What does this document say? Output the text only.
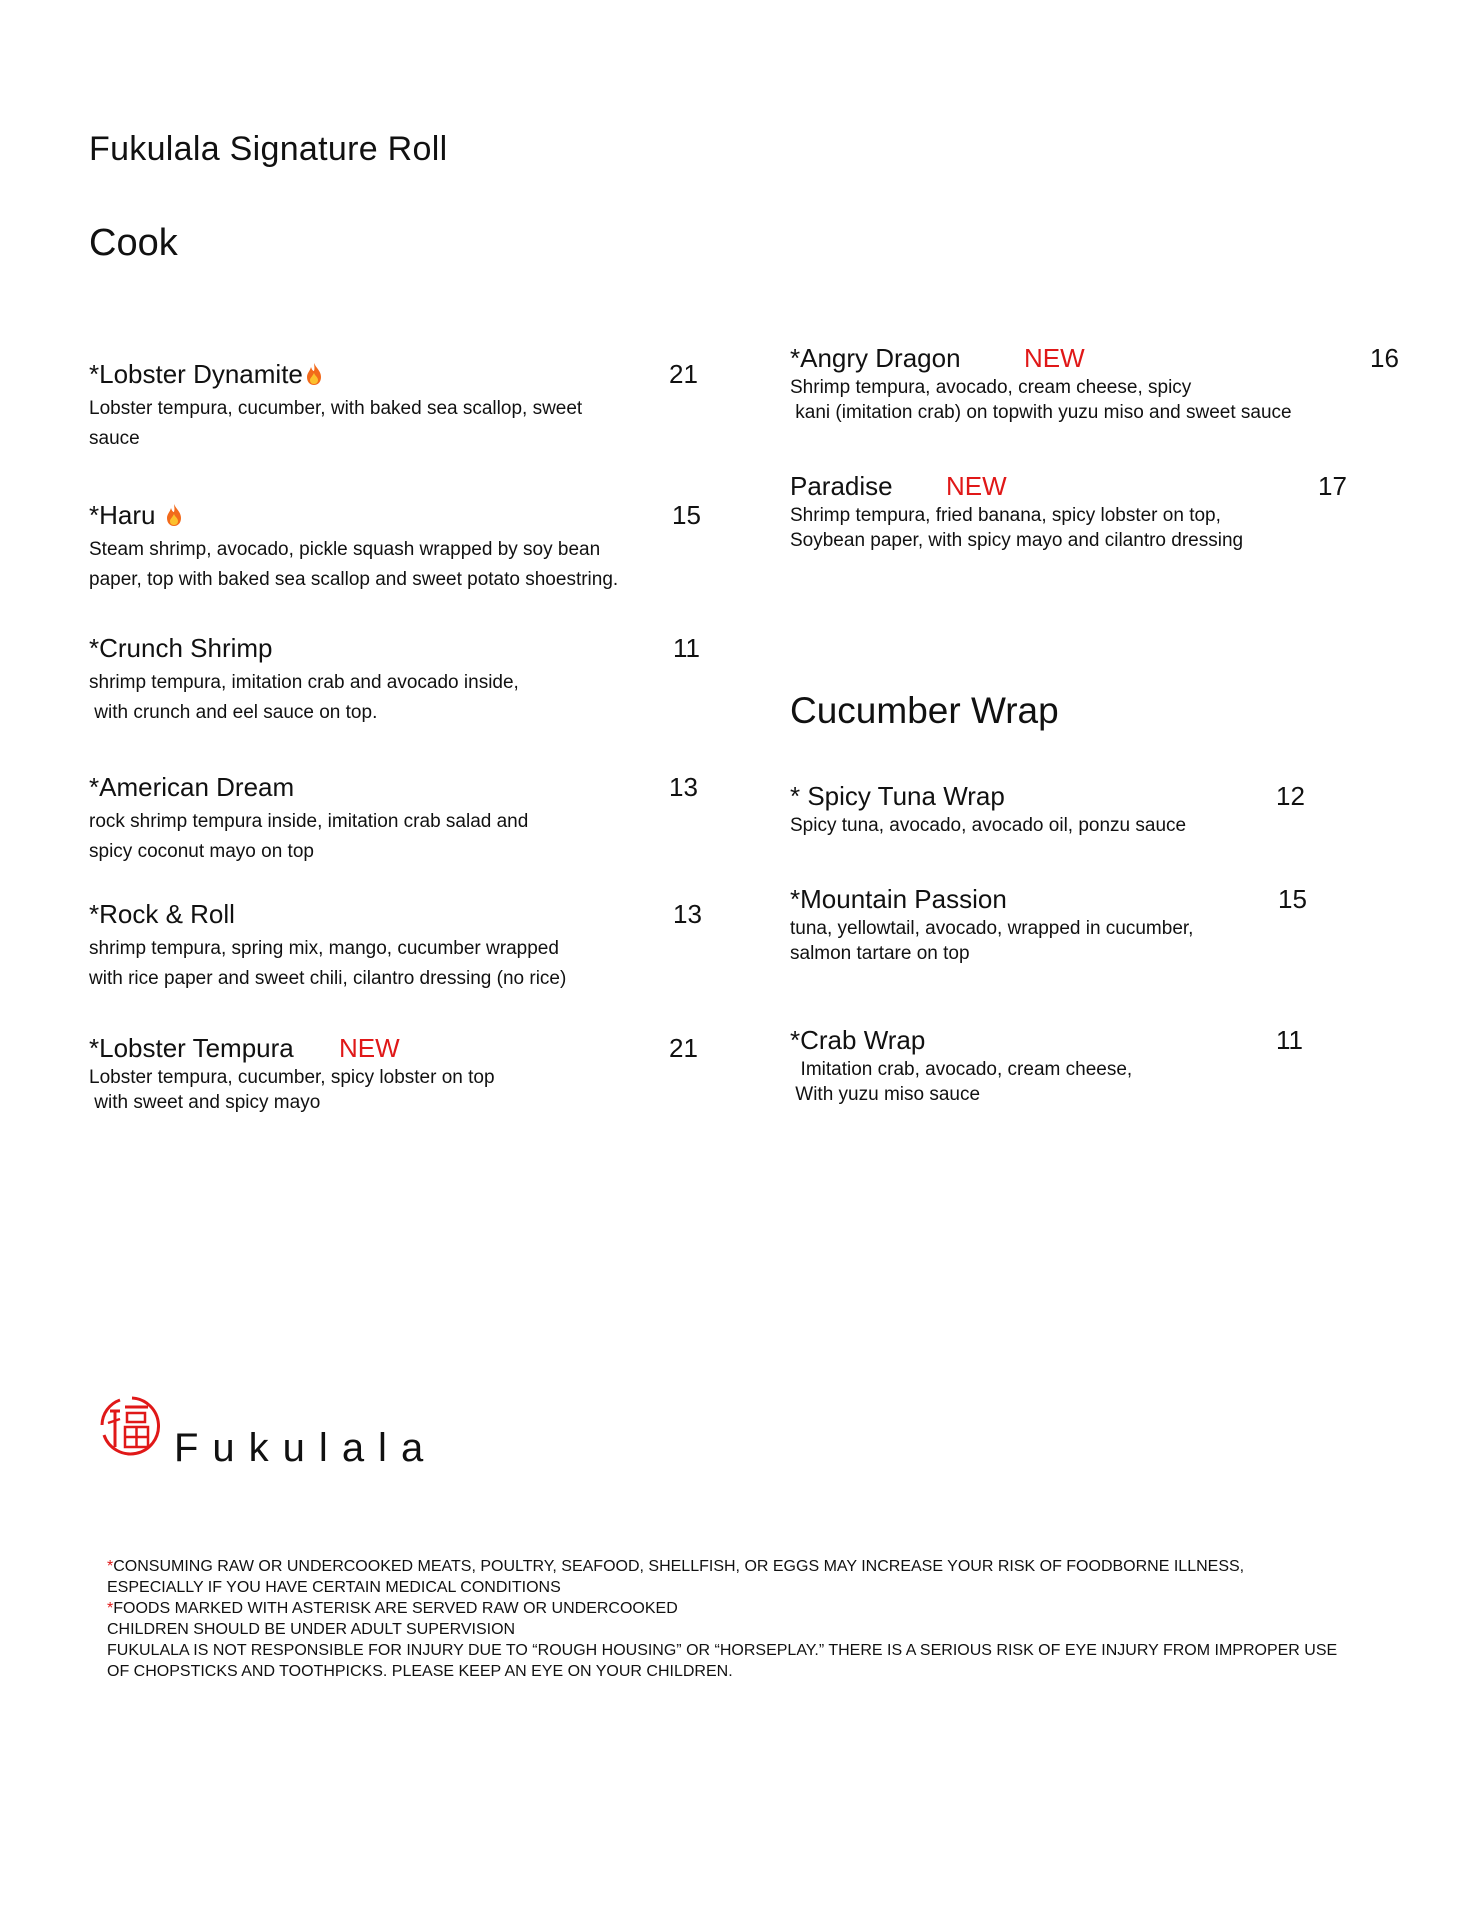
Fukulala Signature Roll
Cook
*Lobster Dynamite	21
Lobster tempura, cucumber, with baked sea scallop, sweet
sauce
*Haru	15
Steam shrimp, avocado, pickle squash wrapped by soy bean
paper, top with baked sea scallop and sweet potato shoestring.
*Crunch Shrimp	11
shrimp tempura, imitation crab and avocado inside,
with crunch and eel sauce on top.
*American Dream	13
rock shrimp tempura inside, imitation crab salad and
spicy coconut mayo on top
*Rock & Roll	13
shrimp tempura, spring mix, mango, cucumber wrapped
with rice paper and sweet chili, cilantro dressing (no rice)
*Lobster Tempura NEW	21
Lobster tempura, cucumber, spicy lobster on top
with sweet and spicy mayo
*Angry Dragon NEW	16
Shrimp tempura, avocado, cream cheese, spicy
kani (imitation crab) on topwith yuzu miso and sweet sauce
Paradise NEW	17
Shrimp tempura, fried banana, spicy lobster on top,
Soybean paper, with spicy mayo and cilantro dressing
Cucumber Wrap
* Spicy Tuna Wrap	12
Spicy tuna, avocado, avocado oil, ponzu sauce
*Mountain Passion	15
tuna, yellowtail, avocado, wrapped in cucumber,
salmon tartare on top
*Crab Wrap	11
Imitation crab, avocado, cream cheese,
With yuzu miso sauce
Fukulala
*CONSUMING RAW OR UNDERCOOKED MEATS, POULTRY, SEAFOOD, SHELLFISH, OR EGGS MAY INCREASE YOUR RISK OF FOODBORNE ILLNESS,
ESPECIALLY IF YOU HAVE CERTAIN MEDICAL CONDITIONS
*FOODS MARKED WITH ASTERISK ARE SERVED RAW OR UNDERCOOKED
CHILDREN SHOULD BE UNDER ADULT SUPERVISION
FUKULALA IS NOT RESPONSIBLE FOR INJURY DUE TO “ROUGH HOUSING” OR “HORSEPLAY.” THERE IS A SERIOUS RISK OF EYE INJURY FROM IMPROPER USE
OF CHOPSTICKS AND TOOTHPICKS. PLEASE KEEP AN EYE ON YOUR CHILDREN.
